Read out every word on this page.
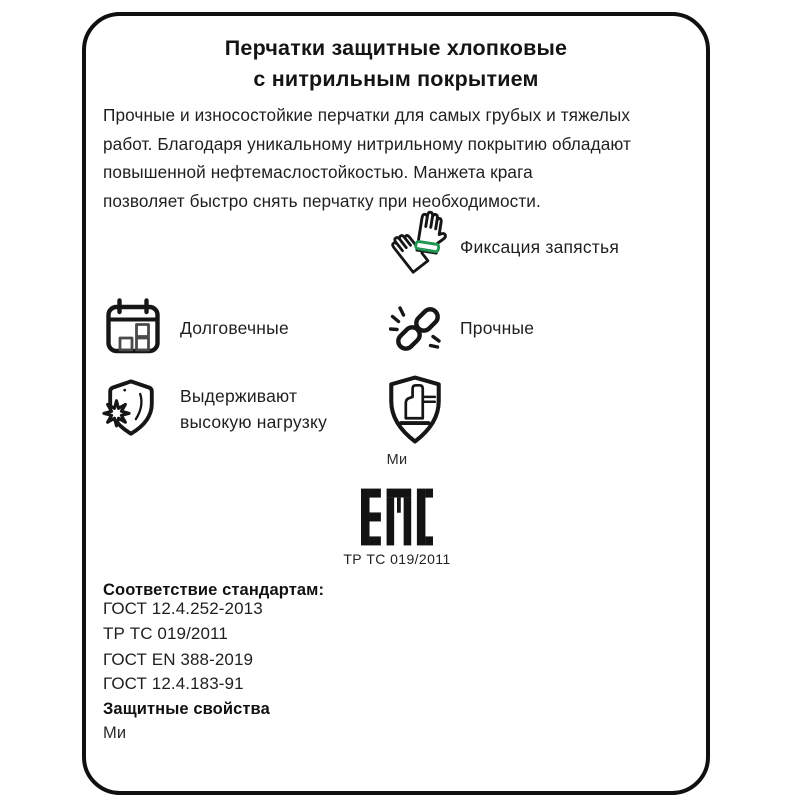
Перчатки защитные хлопковые
с нитрильным покрытием
Прочные и износостойкие перчатки для самых грубых и тяжелых
работ. Благодаря уникальному нитрильному покрытию обладают
повышенной нефтемаслостойкостью. Манжета крага
позволяет быстро снять перчатку при необходимости.
Фиксация запястья
Долговечные	Прочные
Выдерживают высокую нагрузку
Ми
ТР ТС 019/2011
Соответствие стандартам:
ГОСТ 12.4.252-2013
ТР ТС 019/2011
ГОСТ EN 388-2019
ГОСТ 12.4.183-91
Защитные свойства
Ми
